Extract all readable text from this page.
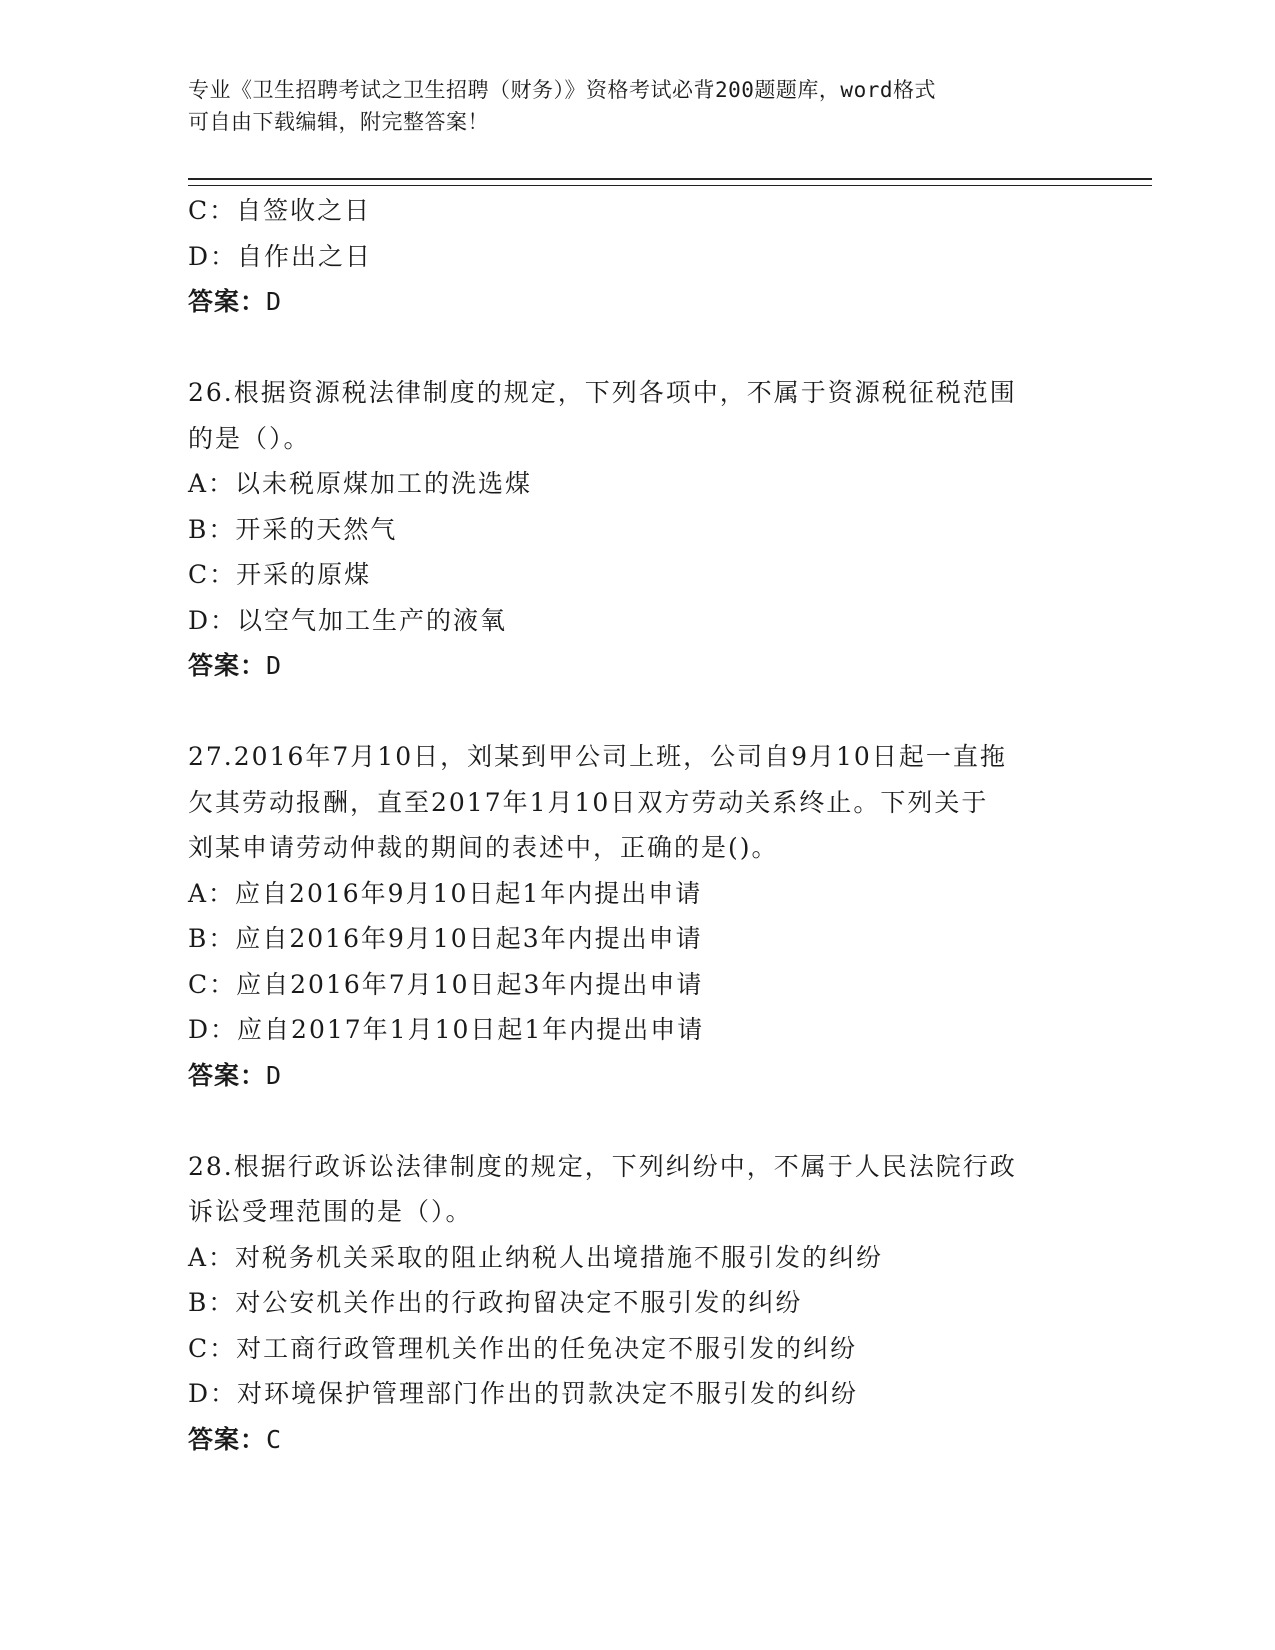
专业《卫生招聘考试之卫生招聘（财务）》资格考试必背200题题库，word格式
可自由下载编辑，附完整答案！
C：自签收之日
D：自作出之日
答案：D
26.根据资源税法律制度的规定，下列各项中，不属于资源税征税范围
的是（）。
A：以未税原煤加工的洗选煤
B：开采的天然气
C：开采的原煤
D：以空气加工生产的液氧
答案：D
27.2016年7月10日，刘某到甲公司上班，公司自9月10日起一直拖
欠其劳动报酬，直至2017年1月10日双方劳动关系终止。下列关于
刘某申请劳动仲裁的期间的表述中，正确的是()。
A：应自2016年9月10日起1年内提出申请
B：应自2016年9月10日起3年内提出申请
C：应自2016年7月10日起3年内提出申请
D：应自2017年1月10日起1年内提出申请
答案：D
28.根据行政诉讼法律制度的规定，下列纠纷中，不属于人民法院行政
诉讼受理范围的是（）。
A：对税务机关采取的阻止纳税人出境措施不服引发的纠纷
B：对公安机关作出的行政拘留决定不服引发的纠纷
C：对工商行政管理机关作出的任免决定不服引发的纠纷
D：对环境保护管理部门作出的罚款决定不服引发的纠纷
答案：C
